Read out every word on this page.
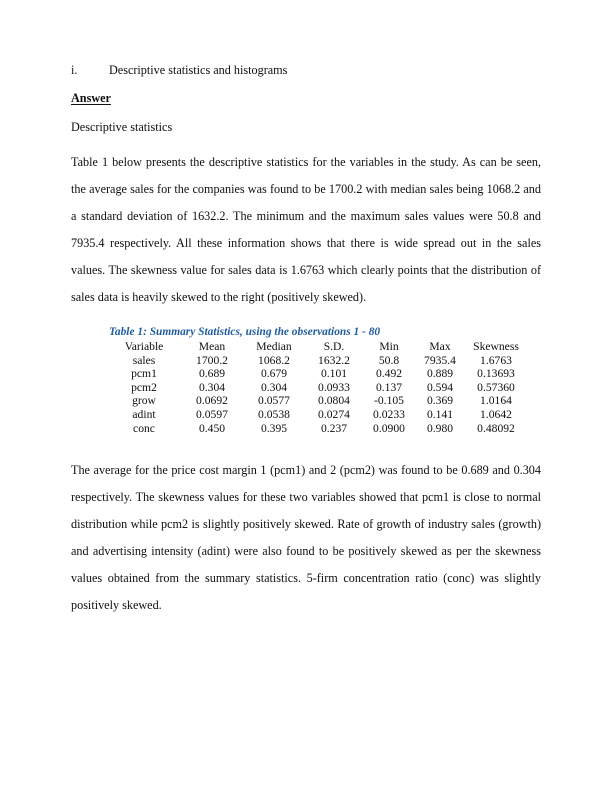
i.	Descriptive statistics and histograms

Answer

Descriptive statistics

Table 1 below presents the descriptive statistics for the variables in the study. As can be seen, the average sales for the companies was found to be 1700.2 with median sales being 1068.2 and a standard deviation of 1632.2. The minimum and the maximum sales values were 50.8 and 7935.4 respectively. All these information shows that there is wide spread out in the sales values. The skewness value for sales data is 1.6763 which clearly points that the distribution of sales data is heavily skewed to the right (positively skewed).

Table 1: Summary Statistics, using the observations 1 - 80
Variable	Mean	Median	S.D.	Min	Max	Skewness
sales	1700.2	1068.2	1632.2	50.8	7935.4	1.6763
pcm1	0.689	0.679	0.101	0.492	0.889	0.13693
pcm2	0.304	0.304	0.0933	0.137	0.594	0.57360
grow	0.0692	0.0577	0.0804	-0.105	0.369	1.0164
adint	0.0597	0.0538	0.0274	0.0233	0.141	1.0642
conc	0.450	0.395	0.237	0.0900	0.980	0.48092

The average for the price cost margin 1 (pcm1) and 2 (pcm2) was found to be 0.689 and 0.304 respectively. The skewness values for these two variables showed that pcm1 is close to normal distribution while pcm2 is slightly positively skewed. Rate of growth of industry sales (growth) and advertising intensity (adint) were also found to be positively skewed as per the skewness values obtained from the summary statistics. 5-firm concentration ratio (conc) was slightly positively skewed.
